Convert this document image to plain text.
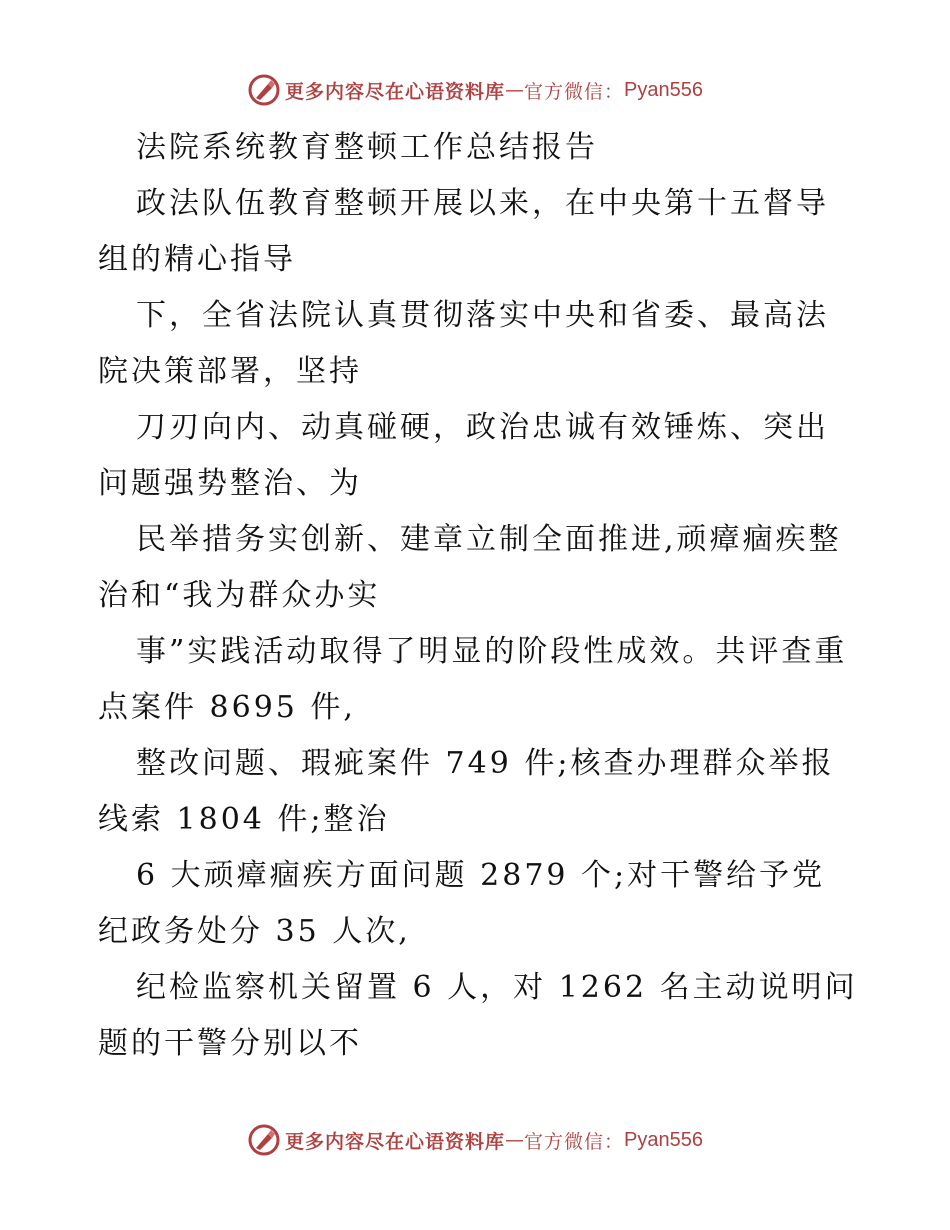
更多内容尽在心语资料库 — 官方微信： Pyan556

法院系统教育整顿工作总结报告

政法队伍教育整顿开展以来，在中央第十五督导组的精心指导

下，全省法院认真贯彻落实中央和省委、最高法院决策部署，坚持

刀刃向内、动真碰硬，政治忠诚有效锤炼、突出问题强势整治、为

民举措务实创新、建章立制全面推进,顽瘴痼疾整治和“我为群众办实

事”实践活动取得了明显的阶段性成效。共评查重点案件 8695 件,

整改问题、瑕疵案件 749 件;核查办理群众举报线索 1804 件;整治

6 大顽瘴痼疾方面问题 2879 个;对干警给予党纪政务处分 35 人次,

纪检监察机关留置 6 人，对 1262 名主动说明问题的干警分别以不

更多内容尽在心语资料库 — 官方微信： Pyan556
